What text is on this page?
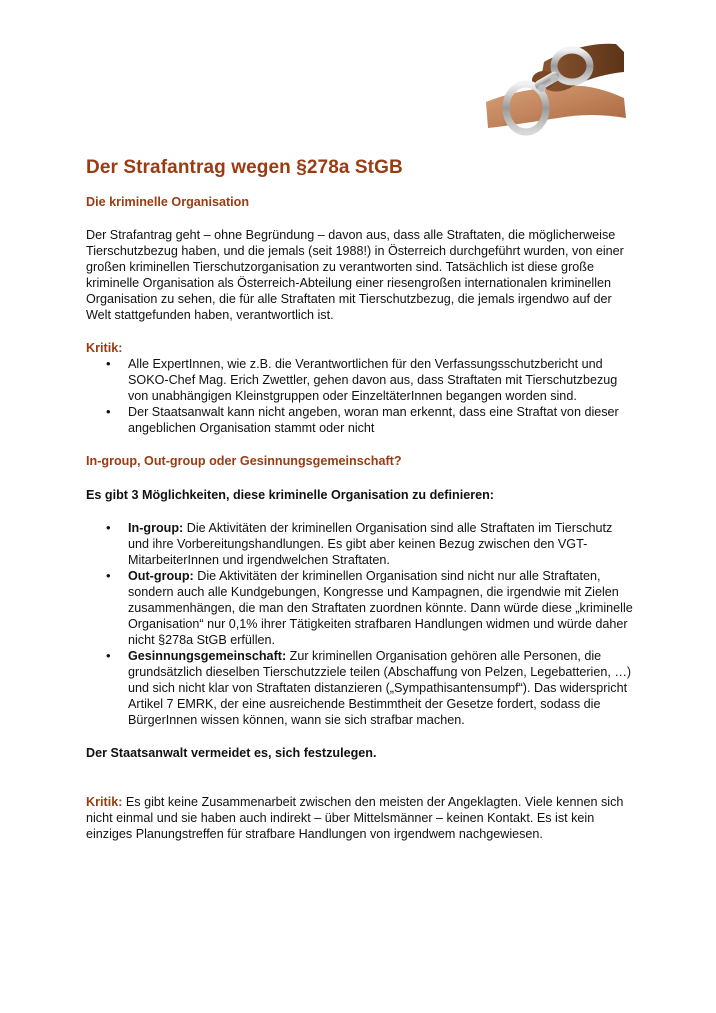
Der Strafantrag wegen §278a StGB

Die kriminelle Organisation

Der Strafantrag geht – ohne Begründung – davon aus, dass alle Straftaten, die möglicherweise Tierschutzbezug haben, und die jemals (seit 1988!) in Österreich durchgeführt wurden, von einer großen kriminellen Tierschutzorganisation zu verantworten sind. Tatsächlich ist diese große kriminelle Organisation als Österreich-Abteilung einer riesengroßen internationalen kriminellen Organisation zu sehen, die für alle Straftaten mit Tierschutzbezug, die jemals irgendwo auf der Welt stattgefunden haben, verantwortlich ist.

Kritik:

• Alle ExpertInnen, wie z.B. die Verantwortlichen für den Verfassungsschutzbericht und SOKO-Chef Mag. Erich Zwettler, gehen davon aus, dass Straftaten mit Tierschutzbezug von unabhängigen Kleinstgruppen oder EinzeltäterInnen begangen worden sind.
• Der Staatsanwalt kann nicht angeben, woran man erkennt, dass eine Straftat von dieser angeblichen Organisation stammt oder nicht

In-group, Out-group oder Gesinnungsgemeinschaft?

Es gibt 3 Möglichkeiten, diese kriminelle Organisation zu definieren:

• In-group: Die Aktivitäten der kriminellen Organisation sind alle Straftaten im Tierschutz und ihre Vorbereitungshandlungen. Es gibt aber keinen Bezug zwischen den VGT-MitarbeiterInnen und irgendwelchen Straftaten.
• Out-group: Die Aktivitäten der kriminellen Organisation sind nicht nur alle Straftaten, sondern auch alle Kundgebungen, Kongresse und Kampagnen, die irgendwie mit Zielen zusammenhängen, die man den Straftaten zuordnen könnte. Dann würde diese „kriminelle Organisation“ nur 0,1% ihrer Tätigkeiten strafbaren Handlungen widmen und würde daher nicht §278a StGB erfüllen.
• Gesinnungsgemeinschaft: Zur kriminellen Organisation gehören alle Personen, die grundsätzlich dieselben Tierschutzziele teilen (Abschaffung von Pelzen, Legebatterien, …) und sich nicht klar von Straftaten distanzieren („Sympathisantensumpf“). Das widerspricht Artikel 7 EMRK, der eine ausreichende Bestimmtheit der Gesetze fordert, sodass die BürgerInnen wissen können, wann sie sich strafbar machen.

Der Staatsanwalt vermeidet es, sich festzulegen.

Kritik: Es gibt keine Zusammenarbeit zwischen den meisten der Angeklagten. Viele kennen sich nicht einmal und sie haben auch indirekt – über Mittelsmänner – keinen Kontakt. Es ist kein einziges Planungstreffen für strafbare Handlungen von irgendwem nachgewiesen.
